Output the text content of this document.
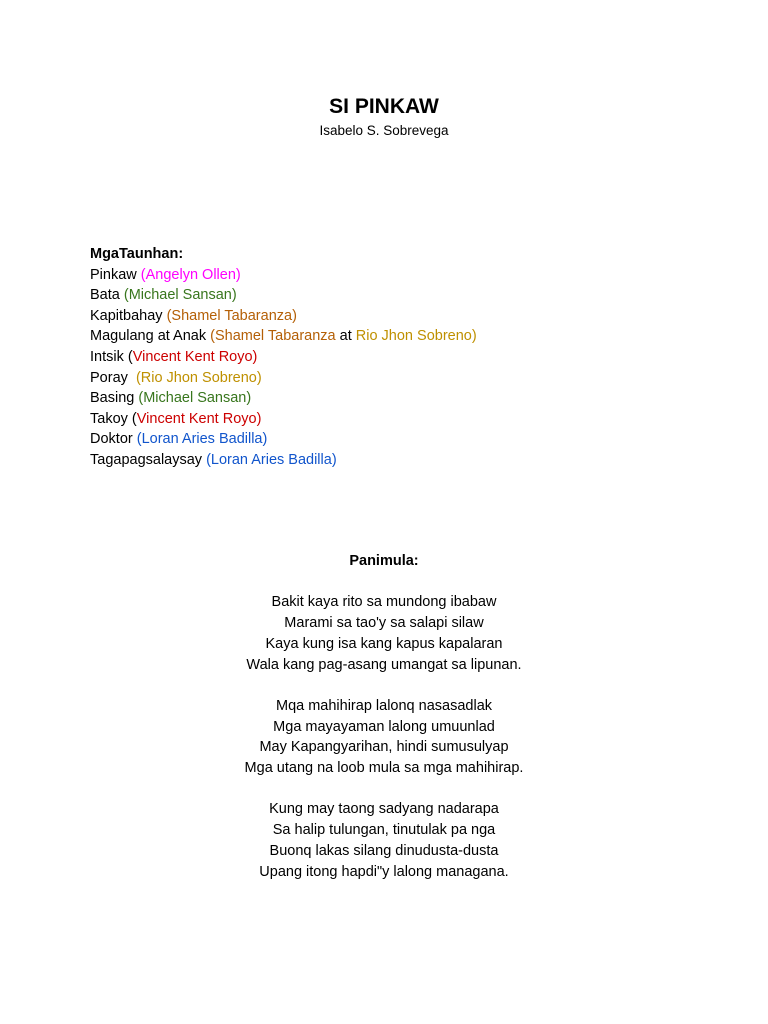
SI PINKAW
Isabelo S. Sobrevega
MgaTaunhan:
Pinkaw (Angelyn Ollen)
Bata (Michael Sansan)
Kapitbahay (Shamel Tabaranza)
Magulang at Anak (Shamel Tabaranza at Rio Jhon Sobreno)
Intsik (Vincent Kent Royo)
Poray  (Rio Jhon Sobreno)
Basing (Michael Sansan)
Takoy (Vincent Kent Royo)
Doktor (Loran Aries Badilla)
Tagapagsalaysay (Loran Aries Badilla)
Panimula:
Bakit kaya rito sa mundong ibabaw
Marami sa tao'y sa salapi silaw
Kaya kung isa kang kapus kapalaran
Wala kang pag-asang umangat sa lipunan.
Mqa mahihirap lalonq nasasadlak
Mga mayayaman lalong umuunlad
May Kapangyarihan, hindi sumusulyap
Mga utang na loob mula sa mga mahihirap.
Kung may taong sadyang nadarapa
Sa halip tulungan, tinutulak pa nga
Buonq lakas silang dinudusta-dusta
Upang itong hapdi"y lalong managana.
